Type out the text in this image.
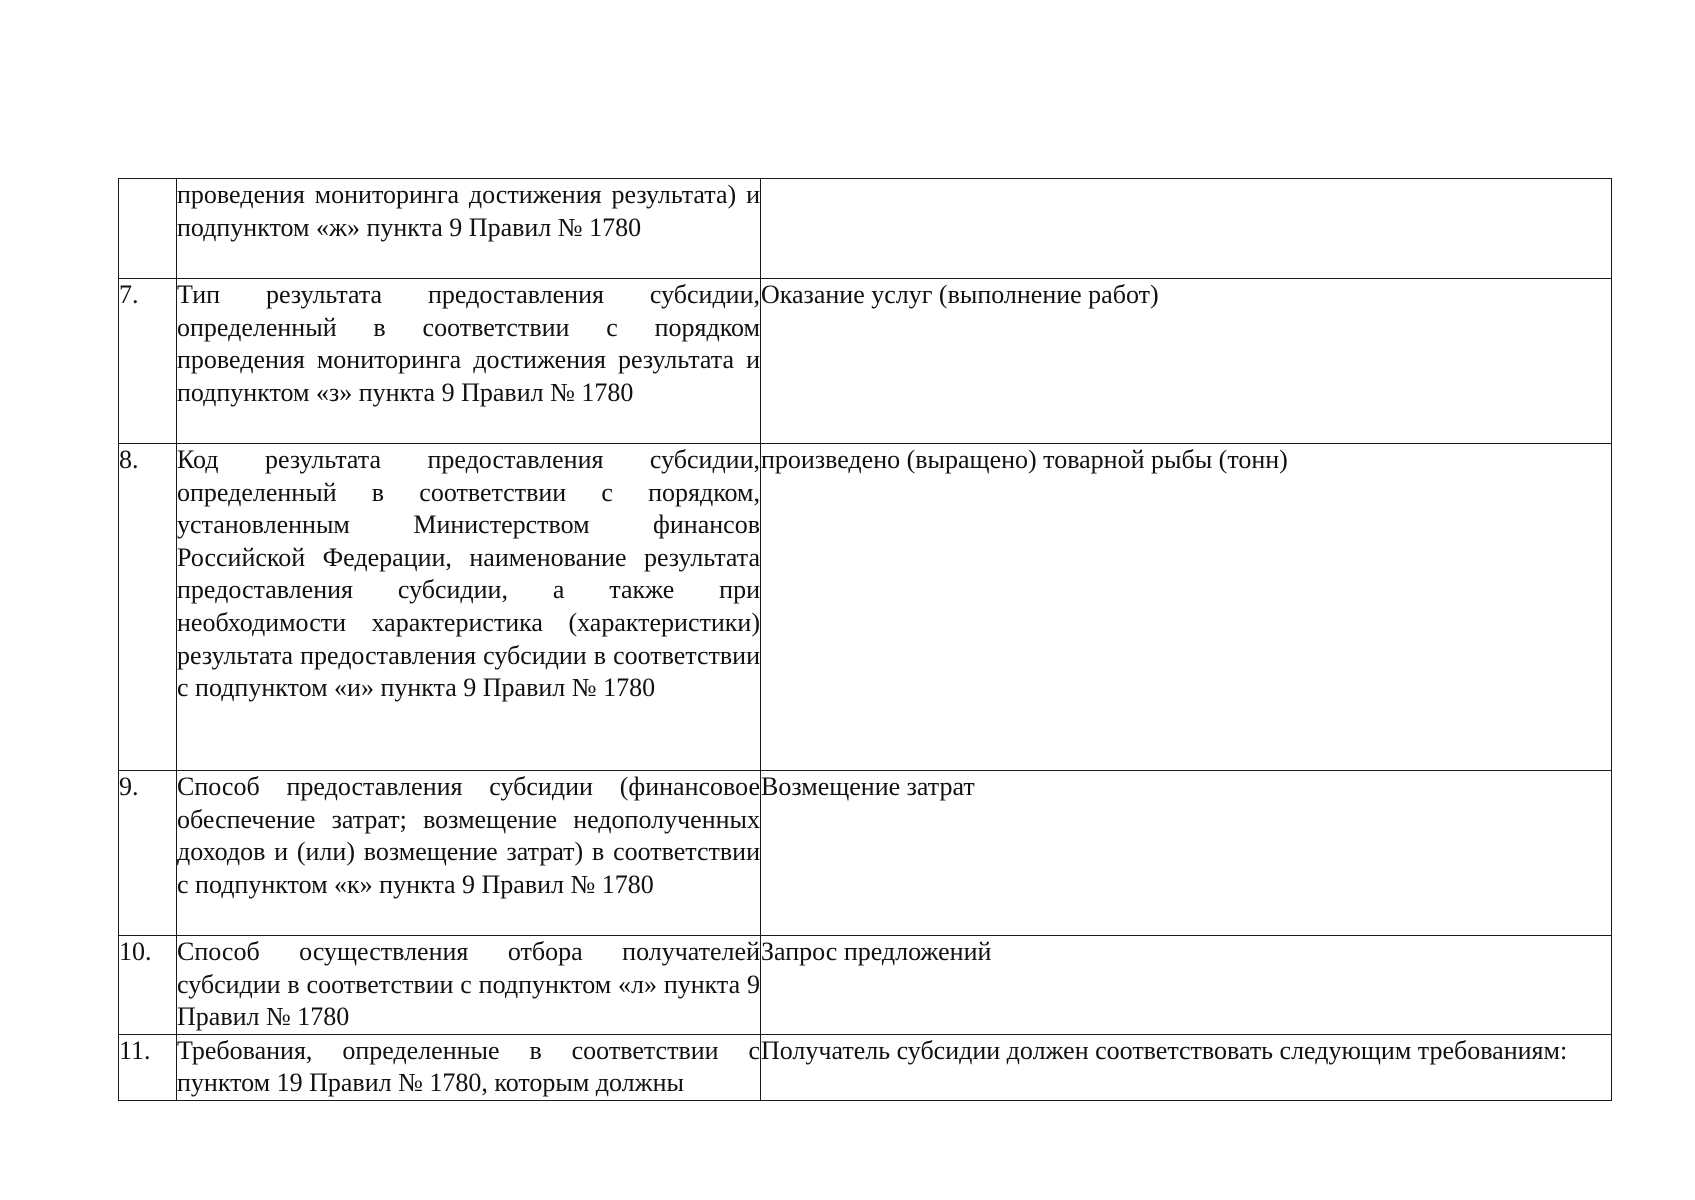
	проведения мониторинга достижения результата) и подпунктом «ж» пункта 9 Правил № 1780	
7.	Тип результата предоставления субсидии, определенный в соответствии с порядком проведения мониторинга достижения результата и подпунктом «з» пункта 9 Правил № 1780	Оказание услуг (выполнение работ)
8.	Код результата предоставления субсидии, определенный в соответствии с порядком, установленным Министерством финансов Российской Федерации, наименование результата предоставления субсидии, а также при необходимости характеристика (характеристики) результата предоставления субсидии в соответствии с подпунктом «и» пункта 9 Правил № 1780	произведено (выращено) товарной рыбы (тонн)
9.	Способ предоставления субсидии (финансовое обеспечение затрат; возмещение недополученных доходов и (или) возмещение затрат) в соответствии с подпунктом «к» пункта 9 Правил № 1780	Возмещение затрат
10.	Способ осуществления отбора получателей субсидии в соответствии с подпунктом «л» пункта 9 Правил № 1780	Запрос предложений
11.	Требования, определенные в соответствии с пунктом 19 Правил № 1780, которым должны	Получатель субсидии должен соответствовать следующим требованиям:
